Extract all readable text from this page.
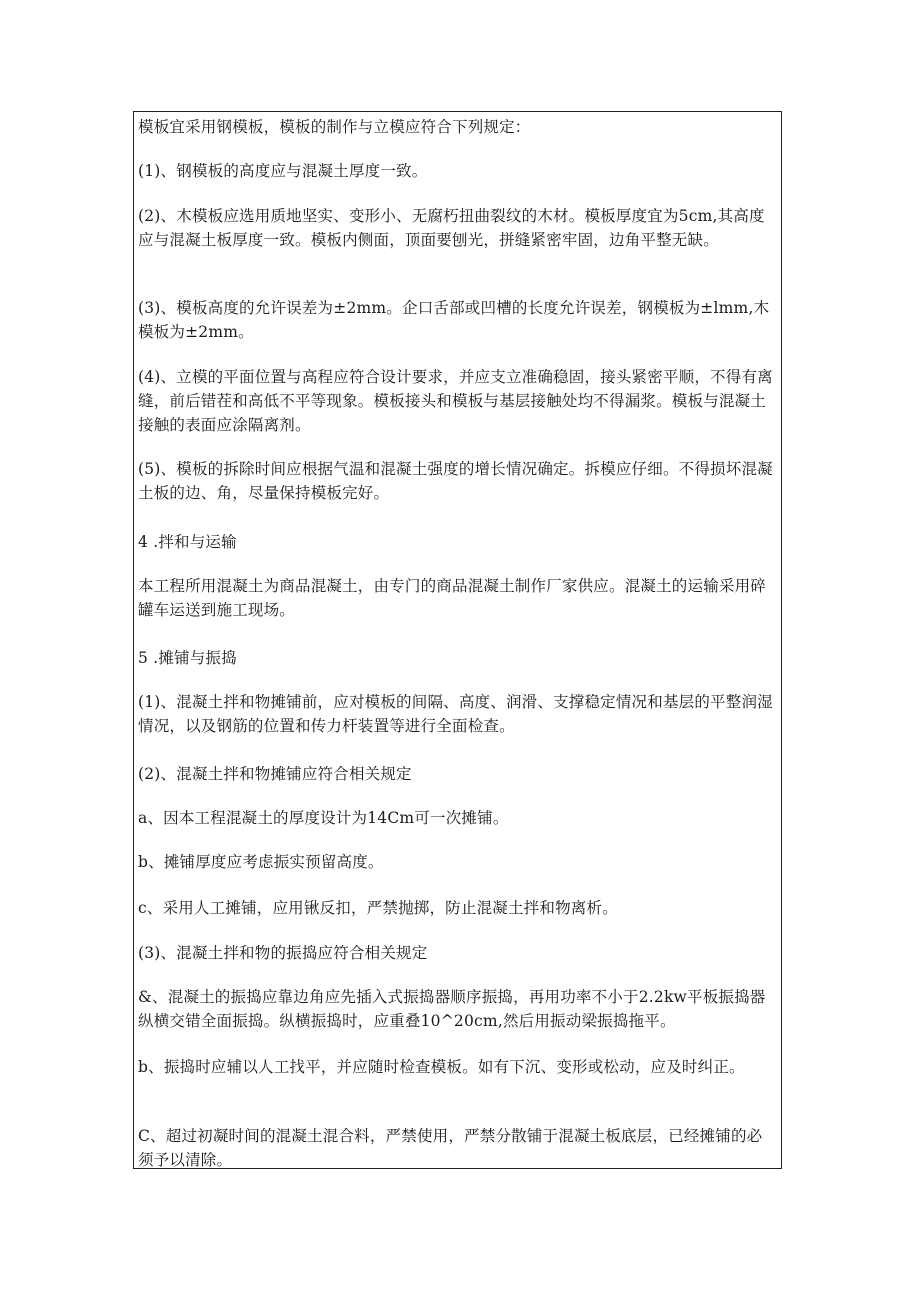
模板宜采用钢模板，模板的制作与立模应符合下列规定：

(1)、钢模板的高度应与混凝土厚度一致。

(2)、木模板应选用质地坚实、变形小、无腐朽扭曲裂纹的木材。模板厚度宜为5cm,其高度应与混凝土板厚度一致。模板内侧面，顶面要刨光，拼缝紧密牢固，边角平整无缺。

(3)、模板高度的允许误差为±2mm。企口舌部或凹槽的长度允许误差，钢模板为±lmm,木模板为±2mm。

(4)、立模的平面位置与高程应符合设计要求，并应支立准确稳固，接头紧密平顺，不得有离缝，前后错茬和高低不平等现象。模板接头和模板与基层接触处均不得漏浆。模板与混凝土接触的表面应涂隔离剂。

(5)、模板的拆除时间应根据气温和混凝土强度的增长情况确定。拆模应仔细。不得损坏混凝土板的边、角，尽量保持模板完好。

4 .拌和与运输

本工程所用混凝土为商品混凝土，由专门的商品混凝土制作厂家供应。混凝土的运输采用碎罐车运送到施工现场。

5 .摊铺与振捣

(1)、混凝土拌和物摊铺前，应对模板的间隔、高度、润滑、支撑稳定情况和基层的平整润湿情况，以及钢筋的位置和传力杆装置等进行全面检查。

(2)、混凝土拌和物摊铺应符合相关规定

a、因本工程混凝土的厚度设计为14Cm可一次摊铺。

b、摊铺厚度应考虑振实预留高度。

c、采用人工摊铺，应用锹反扣，严禁抛掷，防止混凝土拌和物离析。

(3)、混凝土拌和物的振捣应符合相关规定

&、混凝土的振捣应靠边角应先插入式振捣器顺序振捣，再用功率不小于2.2kw平板振捣器纵横交错全面振捣。纵横振捣时，应重叠10^20cm,然后用振动梁振捣拖平。

b、振捣时应辅以人工找平，并应随时检查模板。如有下沉、变形或松动，应及时纠正。

C、超过初凝时间的混凝土混合料，严禁使用，严禁分散铺于混凝土板底层，已经摊铺的必须予以清除。
